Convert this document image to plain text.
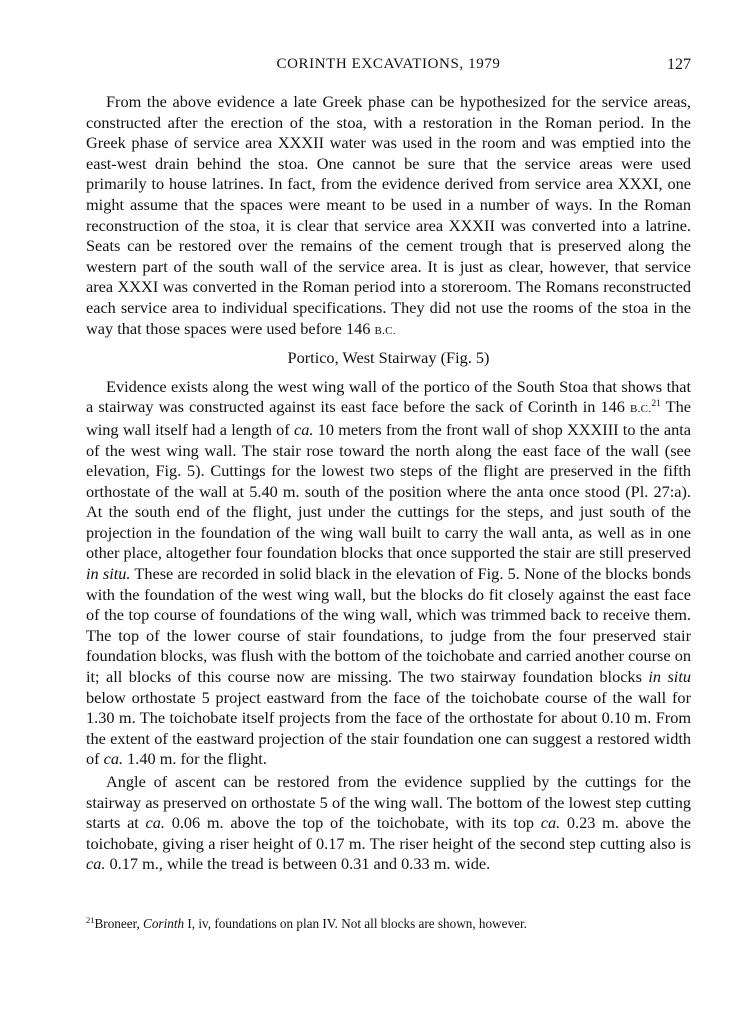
CORINTH EXCAVATIONS, 1979	127

From the above evidence a late Greek phase can be hypothesized for the service areas, constructed after the erection of the stoa, with a restoration in the Roman period. In the Greek phase of service area XXXII water was used in the room and was emptied into the east-west drain behind the stoa. One cannot be sure that the service areas were used primarily to house latrines. In fact, from the evidence derived from service area XXXI, one might assume that the spaces were meant to be used in a number of ways. In the Roman reconstruction of the stoa, it is clear that service area XXXII was converted into a latrine. Seats can be restored over the remains of the cement trough that is preserved along the western part of the south wall of the service area. It is just as clear, however, that service area XXXI was converted in the Roman period into a storeroom. The Romans reconstructed each service area to individual specifications. They did not use the rooms of the stoa in the way that those spaces were used before 146 B.C.

Portico, West Stairway (Fig. 5)

Evidence exists along the west wing wall of the portico of the South Stoa that shows that a stairway was constructed against its east face before the sack of Corinth in 146 B.C.$^{21}$ The wing wall itself had a length of ca. 10 meters from the front wall of shop XXXIII to the anta of the west wing wall. The stair rose toward the north along the east face of the wall (see elevation, Fig. 5). Cuttings for the lowest two steps of the flight are preserved in the fifth orthostate of the wall at 5.40 m. south of the position where the anta once stood (Pl. 27:a). At the south end of the flight, just under the cuttings for the steps, and just south of the projection in the foundation of the wing wall built to carry the wall anta, as well as in one other place, altogether four foundation blocks that once supported the stair are still preserved in situ. These are recorded in solid black in the elevation of Fig. 5. None of the blocks bonds with the foundation of the west wing wall, but the blocks do fit closely against the east face of the top course of foundations of the wing wall, which was trimmed back to receive them. The top of the lower course of stair foundations, to judge from the four preserved stair foundation blocks, was flush with the bottom of the toichobate and carried another course on it; all blocks of this course now are missing. The two stairway foundation blocks in situ below orthostate 5 project eastward from the face of the toichobate course of the wall for 1.30 m. The toichobate itself projects from the face of the orthostate for about 0.10 m. From the extent of the eastward projection of the stair foundation one can suggest a restored width of ca. 1.40 m. for the flight.

Angle of ascent can be restored from the evidence supplied by the cuttings for the stairway as preserved on orthostate 5 of the wing wall. The bottom of the lowest step cutting starts at ca. 0.06 m. above the top of the toichobate, with its top ca. 0.23 m. above the toichobate, giving a riser height of 0.17 m. The riser height of the second step cutting also is ca. 0.17 m., while the tread is between 0.31 and 0.33 m. wide.

$^{21}$Broneer, Corinth I, iv, foundations on plan IV. Not all blocks are shown, however.
